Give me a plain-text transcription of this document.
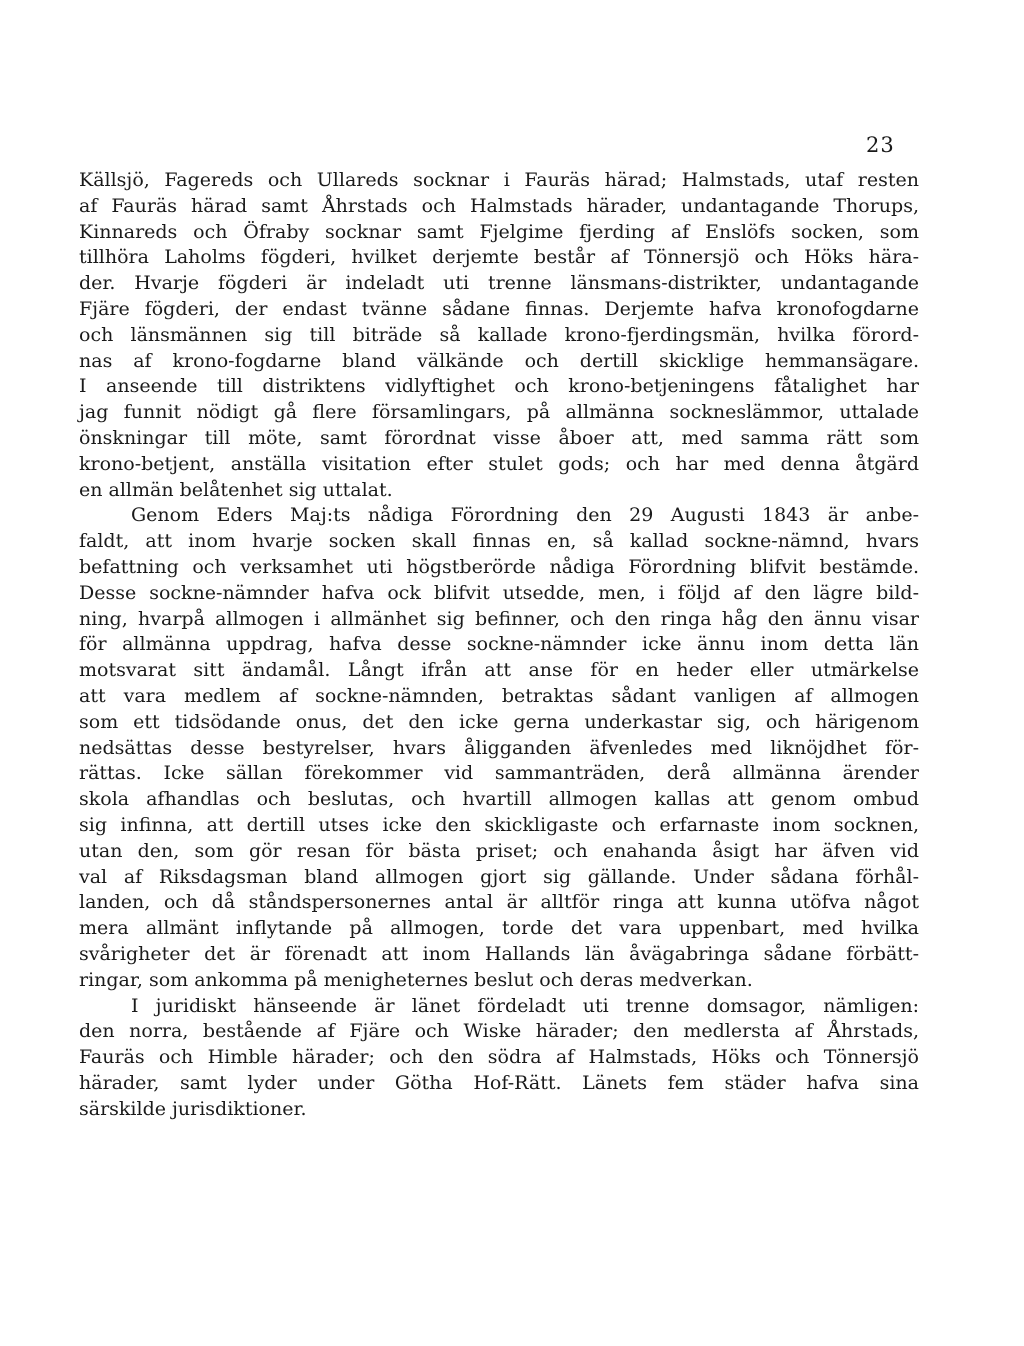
23
Källsjö, Fagereds och Ullareds socknar i Fauräs härad; Halmstads, utaf resten
af Fauräs härad samt Åhrstads och Halmstads härader, undantagande Thorups,
Kinnareds och Öfraby socknar samt Fjelgime fjerding af Enslöfs socken, som
tillhöra Laholms fögderi, hvilket derjemte består af Tönnersjö och Höks härа-
der. Hvarje fögderi är indeladt uti trenne länsmans-distrikter, undantagande
Fjäre fögderi, der endast tvänne sådane finnas. Derjemte hafva kronofogdarne
och länsmännen sig till biträde så kallade krono-fjerdingsmän, hvilka förord-
nas af krono-fogdarne bland välkände och dertill skicklige hemmansägare.
I anseende till distriktens vidlyftighet och krono-betjeningens fåtalighet har
jag funnit nödigt gå flere församlingars, på allmänna sockneslämmor, uttalade
önskningar till möte, samt förordnat visse åboer att, med samma rätt som
krono-betjent, anställa visitation efter stulet gods; och har med denna åtgärd
en allmän belåtenhet sig uttalat.
Genom Eders Maj:ts nådiga Förordning den 29 Augusti 1843 är anbe-
faldt, att inom hvarje socken skall finnas en, så kallad sockne-nämnd, hvars
befattning och verksamhet uti högstberörde nådiga Förordning blifvit bestämde.
Desse sockne-nämnder hafva ock blifvit utsedde, men, i följd af den lägre bild-
ning, hvarpå allmogen i allmänhet sig befinner, och den ringa håg den ännu visar
för allmänna uppdrag, hafva desse sockne-nämnder icke ännu inom detta län
motsvarat sitt ändamål. Långt ifrån att anse för en heder eller utmärkelse
att vara medlem af sockne-nämnden, betraktas sådant vanligen af allmogen
som ett tidsödande onus, det den icke gerna underkastar sig, och härigenom
nedsättas desse bestyrelser, hvars åligganden äfvenledes med liknöjdhet för-
rättas. Icke sällan förekommer vid sammanträden, derå allmänna ärender
skola afhandlas och beslutas, och hvartill allmogen kallas att genom ombud
sig infinna, att dertill utses icke den skickligaste och erfarnaste inom socknen,
utan den, som gör resan för bästa priset; och enahanda åsigt har äfven vid
val af Riksdagsman bland allmogen gjort sig gällande. Under sådana förhål-
landen, och då ståndspersonernes antal är alltför ringa att kunna utöfva något
mera allmänt inflytande på allmogen, torde det vara uppenbart, med hvilka
svårigheter det är förenadt att inom Hallands län åvägabringa sådane förbätt-
ringar, som ankomma på menigheternes beslut och deras medverkan.
I juridiskt hänseende är länet fördeladt uti trenne domsagor, nämligen:
den norra, bestående af Fjäre och Wiske härader; den medlersta af Åhrstads,
Fauräs och Himble härader; och den södra af Halmstads, Höks och Tönnersjö
härader, samt lyder under Götha Hof-Rätt. Länets fem städer hafva sina
särskilde jurisdiktioner.
